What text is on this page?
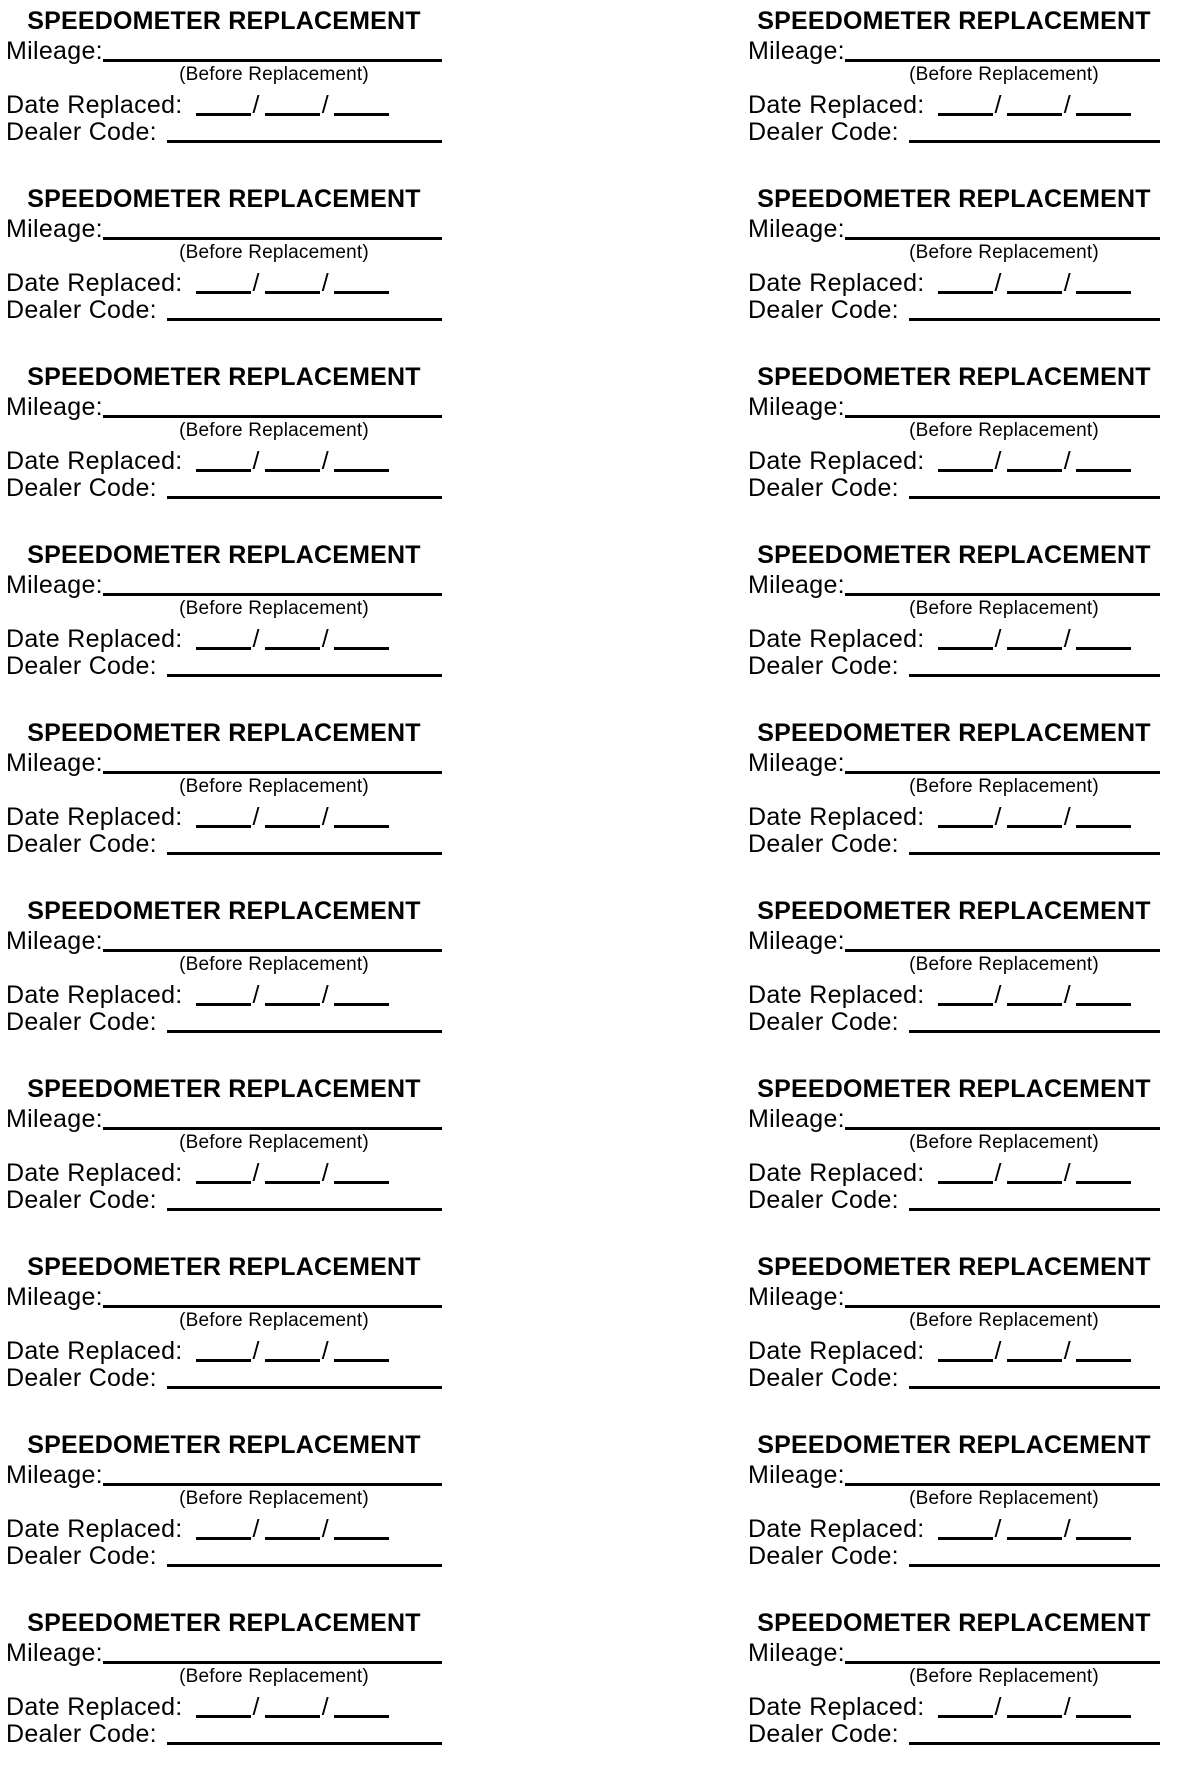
SPEEDOMETER REPLACEMENT
Mileage:
(Before Replacement)
Date Replaced:	/ /
Dealer Code:
SPEEDOMETER REPLACEMENT
Mileage:
(Before Replacement)
Date Replaced:	/ /
Dealer Code:
SPEEDOMETER REPLACEMENT
Mileage:
(Before Replacement)
Date Replaced:	/ /
Dealer Code:
SPEEDOMETER REPLACEMENT
Mileage:
(Before Replacement)
Date Replaced:	/ /
Dealer Code:
SPEEDOMETER REPLACEMENT
Mileage:
(Before Replacement)
Date Replaced:	/ /
Dealer Code:
SPEEDOMETER REPLACEMENT
Mileage:
(Before Replacement)
Date Replaced:	/ /
Dealer Code:
SPEEDOMETER REPLACEMENT
Mileage:
(Before Replacement)
Date Replaced:	/ /
Dealer Code:
SPEEDOMETER REPLACEMENT
Mileage:
(Before Replacement)
Date Replaced:	/ /
Dealer Code:
SPEEDOMETER REPLACEMENT
Mileage:
(Before Replacement)
Date Replaced:	/ /
Dealer Code:
SPEEDOMETER REPLACEMENT
Mileage:
(Before Replacement)
Date Replaced:	/ /
Dealer Code:
SPEEDOMETER REPLACEMENT
Mileage:
(Before Replacement)
Date Replaced:	/ /
Dealer Code:
SPEEDOMETER REPLACEMENT
Mileage:
(Before Replacement)
Date Replaced:	/ /
Dealer Code:
SPEEDOMETER REPLACEMENT
Mileage:
(Before Replacement)
Date Replaced:	/ /
Dealer Code:
SPEEDOMETER REPLACEMENT
Mileage:
(Before Replacement)
Date Replaced:	/ /
Dealer Code:
SPEEDOMETER REPLACEMENT
Mileage:
(Before Replacement)
Date Replaced:	/ /
Dealer Code:
SPEEDOMETER REPLACEMENT
Mileage:
(Before Replacement)
Date Replaced:	/ /
Dealer Code:
SPEEDOMETER REPLACEMENT
Mileage:
(Before Replacement)
Date Replaced:	/ /
Dealer Code:
SPEEDOMETER REPLACEMENT
Mileage:
(Before Replacement)
Date Replaced:	/ /
Dealer Code:
SPEEDOMETER REPLACEMENT
Mileage:
(Before Replacement)
Date Replaced:	/ /
Dealer Code:
SPEEDOMETER REPLACEMENT
Mileage:
(Before Replacement)
Date Replaced:	/ /
Dealer Code:
